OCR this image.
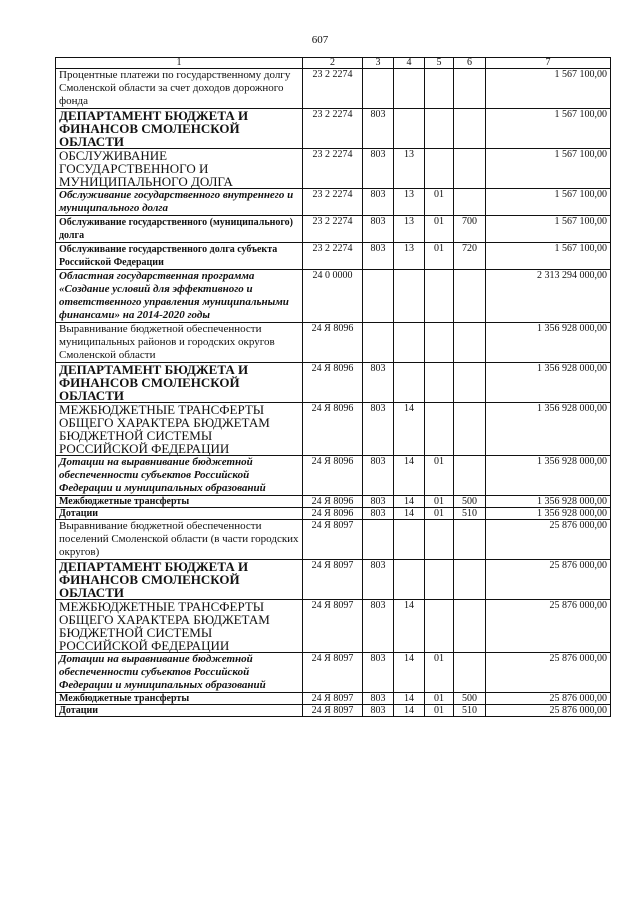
607
1	2	3	4	5	6	7
Процентные платежи по государственному долгу Смоленской области за счет доходов дорожного фонда	23 2 2274					1 567 100,00
ДЕПАРТАМЕНТ БЮДЖЕТА И ФИНАНСОВ СМОЛЕНСКОЙ ОБЛАСТИ	23 2 2274	803				1 567 100,00
ОБСЛУЖИВАНИЕ ГОСУДАРСТВЕННОГО И МУНИЦИПАЛЬНОГО ДОЛГА	23 2 2274	803	13			1 567 100,00
Обслуживание государственного внутреннего и муниципального долга	23 2 2274	803	13	01		1 567 100,00
Обслуживание государственного (муниципального) долга	23 2 2274	803	13	01	700	1 567 100,00
Обслуживание государственного долга субъекта Российской Федерации	23 2 2274	803	13	01	720	1 567 100,00
Областная государственная программа «Создание условий для эффективного и ответственного управления муниципальными финансами» на 2014-2020 годы	24 0 0000					2 313 294 000,00
Выравнивание бюджетной обеспеченности муниципальных районов и городских округов Смоленской области	24 Я 8096					1 356 928 000,00
ДЕПАРТАМЕНТ БЮДЖЕТА И ФИНАНСОВ СМОЛЕНСКОЙ ОБЛАСТИ	24 Я 8096	803				1 356 928 000,00
МЕЖБЮДЖЕТНЫЕ ТРАНСФЕРТЫ ОБЩЕГО ХАРАКТЕРА БЮДЖЕТАМ БЮДЖЕТНОЙ СИСТЕМЫ РОССИЙСКОЙ ФЕДЕРАЦИИ	24 Я 8096	803	14			1 356 928 000,00
Дотации на выравнивание бюджетной обеспеченности субъектов Российской Федерации и муниципальных образований	24 Я 8096	803	14	01		1 356 928 000,00
Межбюджетные трансферты	24 Я 8096	803	14	01	500	1 356 928 000,00
Дотации	24 Я 8096	803	14	01	510	1 356 928 000,00
Выравнивание бюджетной обеспеченности поселений Смоленской области (в части городских округов)	24 Я 8097					25 876 000,00
ДЕПАРТАМЕНТ БЮДЖЕТА И ФИНАНСОВ СМОЛЕНСКОЙ ОБЛАСТИ	24 Я 8097	803				25 876 000,00
МЕЖБЮДЖЕТНЫЕ ТРАНСФЕРТЫ ОБЩЕГО ХАРАКТЕРА БЮДЖЕТАМ БЮДЖЕТНОЙ СИСТЕМЫ РОССИЙСКОЙ ФЕДЕРАЦИИ	24 Я 8097	803	14			25 876 000,00
Дотации на выравнивание бюджетной обеспеченности субъектов Российской Федерации и муниципальных образований	24 Я 8097	803	14	01		25 876 000,00
Межбюджетные трансферты	24 Я 8097	803	14	01	500	25 876 000,00
Дотации	24 Я 8097	803	14	01	510	25 876 000,00
